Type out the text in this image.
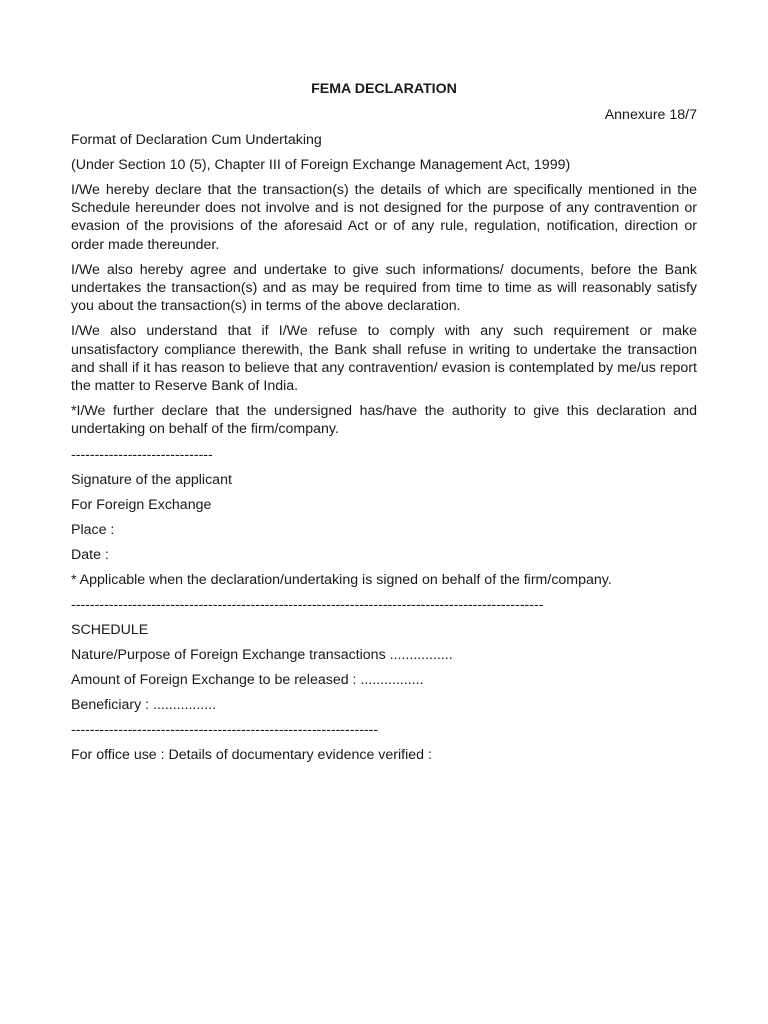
FEMA DECLARATION
Annexure 18/7
Format of Declaration Cum Undertaking
(Under Section 10 (5), Chapter III of Foreign Exchange Management Act, 1999)
I/We hereby declare that the transaction(s) the details of which are specifically mentioned in the Schedule hereunder does not involve and is not designed for the purpose of any contravention or evasion of the provisions of the aforesaid Act or of any rule, regulation, notification, direction or order made thereunder.
I/We also hereby agree and undertake to give such informations/ documents, before the Bank undertakes the transaction(s) and as may be required from time to time as will reasonably satisfy you about the transaction(s) in terms of the above declaration.
I/We also understand that if I/We refuse to comply with any such requirement or make unsatisfactory compliance therewith, the Bank shall refuse in writing to undertake the transaction and shall if it has reason to believe that any contravention/ evasion is contemplated by me/us report the matter to Reserve Bank of India.
*I/We further declare that the undersigned has/have the authority to give this declaration and undertaking on behalf of the firm/company.
------------------------------
Signature of the applicant
For Foreign Exchange
Place :
Date :
* Applicable when the declaration/undertaking is signed on behalf of the firm/company.
----------------------------------------------------------------------------------------------------
SCHEDULE
Nature/Purpose of Foreign Exchange transactions ................
Amount of Foreign Exchange to be released : ................
Beneficiary : ................
-----------------------------------------------------------------
For office use : Details of documentary evidence verified :
